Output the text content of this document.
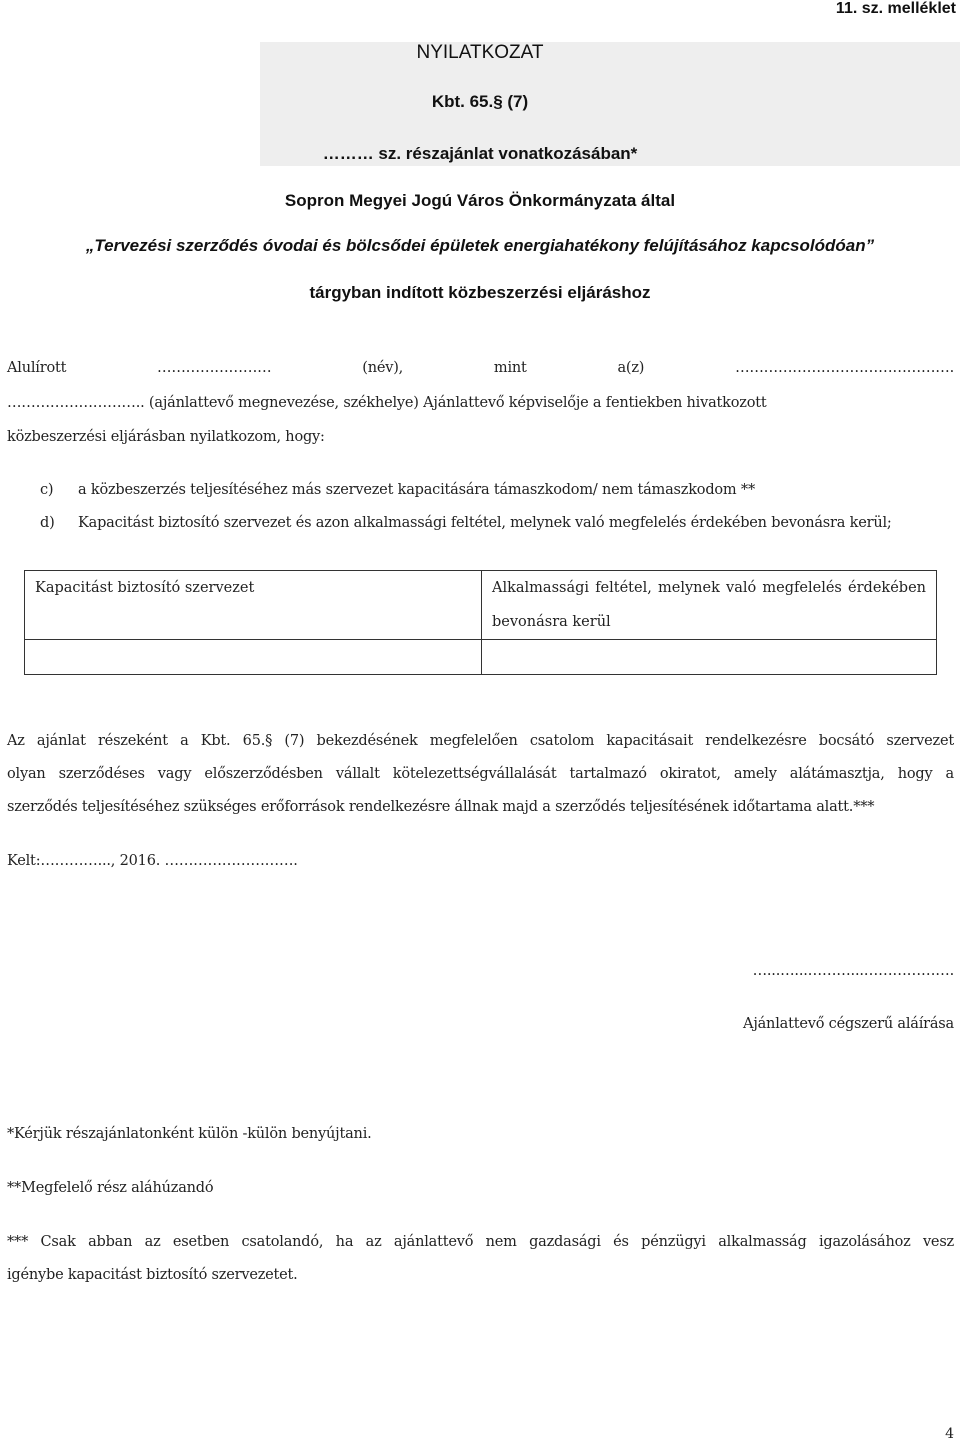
11. sz. melléklet
NYILATKOZAT
Kbt. 65.§ (7)
……… sz. részajánlat vonatkozásában*
Sopron Megyei Jogú Város Önkormányzata által
„Tervezési szerződés óvodai és bölcsődei épületek energiahatékony felújításához kapcsolódóan”
tárgyban indított közbeszerzési eljáráshoz
Alulírott	……………………	(név),	mint	a(z)	……………………………………….
……………………….. (ajánlattevő megnevezése, székhelye) Ajánlattevő képviselője a fentiekben hivatkozott
közbeszerzési eljárásban nyilatkozom, hogy:
c) a közbeszerzés teljesítéséhez más szervezet kapacitására támaszkodom/ nem támaszkodom **
d) Kapacitást biztosító szervezet és azon alkalmassági feltétel, melynek való megfelelés érdekében bevonásra kerül;
Kapacitást biztosító szervezet	Alkalmassági feltétel, melynek való megfelelés érdekében bevonásra kerül

Az ajánlat részeként a Kbt. 65.§ (7) bekezdésének megfelelően csatolom kapacitásait rendelkezésre bocsátó szervezet
olyan szerződéses vagy előszerződésben vállalt kötelezettségvállalását tartalmazó okiratot, amely alátámasztja, hogy a
szerződés teljesítéséhez szükséges erőforrások rendelkezésre állnak majd a szerződés teljesítésének időtartama alatt.***
Kelt:…………..., 2016. ……………………….
…...…...………...……………….
Ajánlattevő cégszerű aláírása
*Kérjük részajánlatonként külön -külön benyújtani.
**Megfelelő rész aláhúzandó
*** Csak abban az esetben csatolandó, ha az ajánlattevő nem gazdasági és pénzügyi alkalmasság igazolásához vesz
igénybe kapacitást biztosító szervezetet.
4
